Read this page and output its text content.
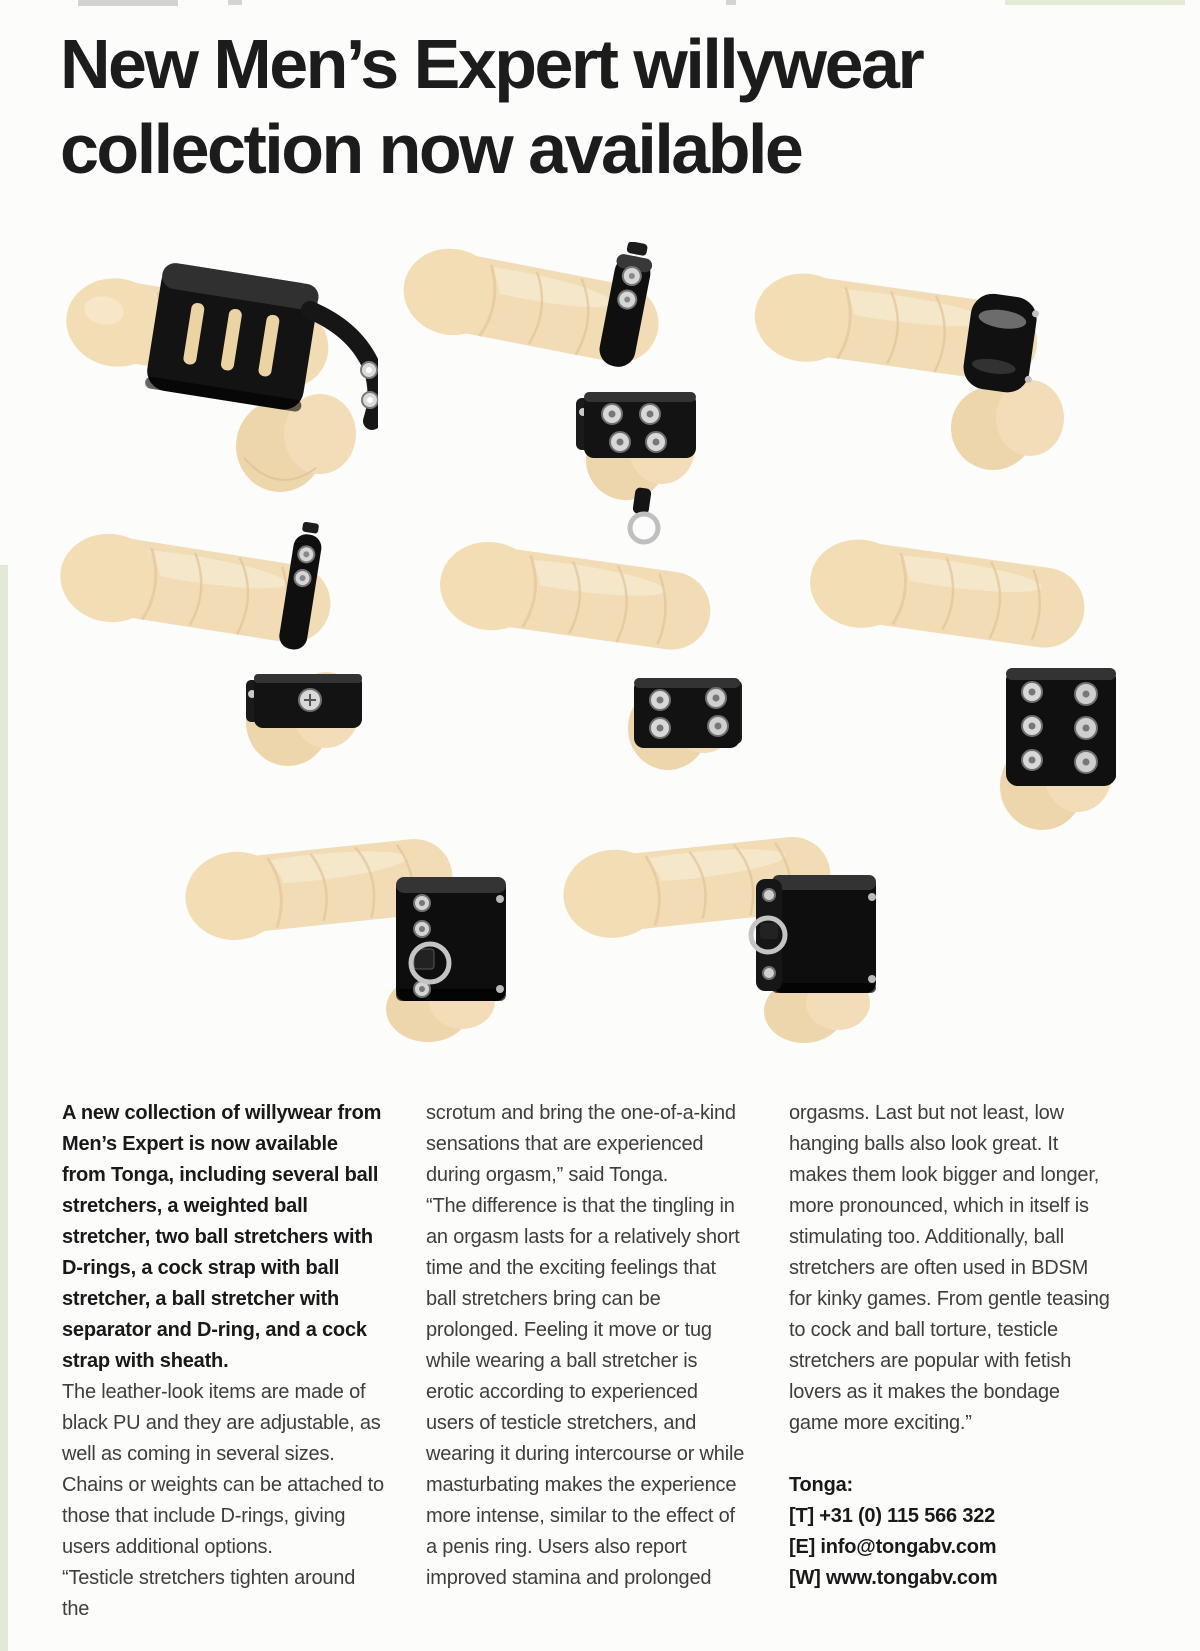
New Men’s Expert willywear
collection now available

A new collection of willywear from Men’s Expert is now available from Tonga, including several ball stretchers, a weighted ball stretcher, two ball stretchers with D-rings, a cock strap with ball stretcher, a ball stretcher with separator and D-ring, and a cock strap with sheath.

The leather-look items are made of black PU and they are adjustable, as well as coming in several sizes. Chains or weights can be attached to those that include D-rings, giving users additional options.

“Testicle stretchers tighten around the

scrotum and bring the one-of-a-kind sensations that are experienced during orgasm,” said Tonga.

“The difference is that the tingling in an orgasm lasts for a relatively short time and the exciting feelings that ball stretchers bring can be prolonged. Feeling it move or tug while wearing a ball stretcher is erotic according to experienced users of testicle stretchers, and wearing it during intercourse or while masturbating makes the experience more intense, similar to the effect of a penis ring. Users also report improved stamina and prolonged

orgasms. Last but not least, low hanging balls also look great. It makes them look bigger and longer, more pronounced, which in itself is stimulating too. Additionally, ball stretchers are often used in BDSM for kinky games. From gentle teasing to cock and ball torture, testicle stretchers are popular with fetish lovers as it makes the bondage game more exciting.”

Tonga:

[T] +31 (0) 115 566 322

[E] info@tongabv.com

[W] www.tongabv.com
